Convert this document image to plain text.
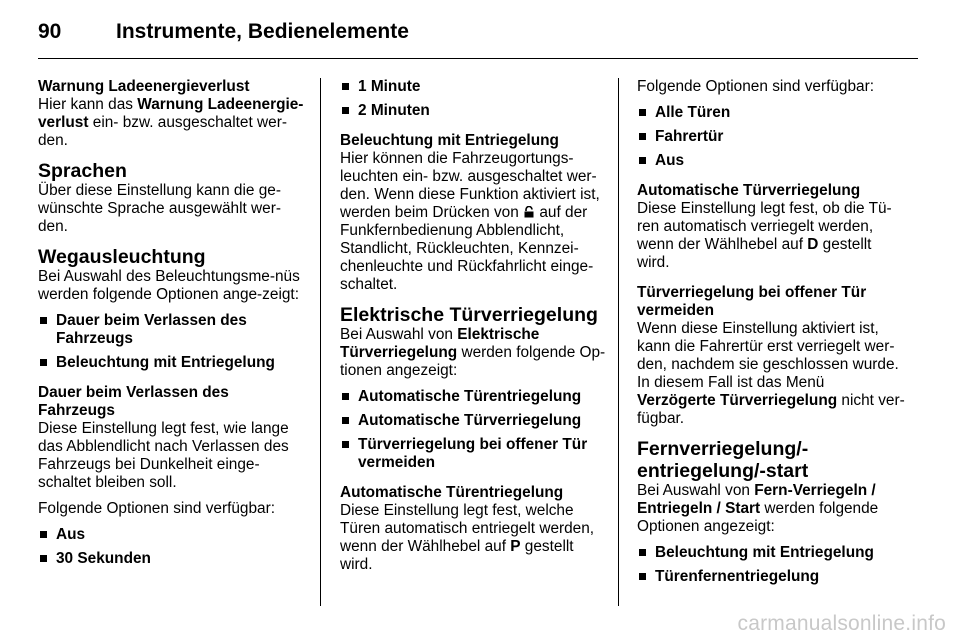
90	Instrumente, Bedienelemente

Warnung Ladeenergieverlust

Hier kann das Warnung Ladeenergie-verlust ein- bzw. ausgeschaltet wer-den.

Sprachen

Über diese Einstellung kann die ge-wünschte Sprache ausgewählt wer-den.

Wegausleuchtung

Bei Auswahl des Beleuchtungsme-nüs werden folgende Optionen ange-zeigt:

Dauer beim Verlassen des Fahrzeugs
Beleuchtung mit Entriegelung

Dauer beim Verlassen des Fahrzeugs

Diese Einstellung legt fest, wie lange das Abblendlicht nach Verlassen des Fahrzeugs bei Dunkelheit einge-schaltet bleiben soll.

Folgende Optionen sind verfügbar:

Aus
30 Sekunden
1 Minute
2 Minuten

Beleuchtung mit Entriegelung

Hier können die Fahrzeugortungs-leuchten ein- bzw. ausgeschaltet wer-den. Wenn diese Funktion aktiviert ist, werden beim Drücken von  auf der Funkfernbedienung Abblendlicht, Standlicht, Rückleuchten, Kennzei-chenleuchte und Rückfahrlicht einge-schaltet.

Elektrische Türverriegelung

Bei Auswahl von Elektrische Türverriegelung werden folgende Op-tionen angezeigt:

Automatische Türentriegelung
Automatische Türverriegelung
Türverriegelung bei offener Tür vermeiden

Automatische Türentriegelung

Diese Einstellung legt fest, welche Türen automatisch entriegelt werden, wenn der Wählhebel auf P gestellt wird.

Folgende Optionen sind verfügbar:

Alle Türen
Fahrertür
Aus

Automatische Türverriegelung

Diese Einstellung legt fest, ob die Tü-ren automatisch verriegelt werden, wenn der Wählhebel auf D gestellt wird.

Türverriegelung bei offener Tür vermeiden

Wenn diese Einstellung aktiviert ist, kann die Fahrertür erst verriegelt wer-den, nachdem sie geschlossen wurde. In diesem Fall ist das Menü Verzögerte Türverriegelung nicht ver-fügbar.

Fernverriegelung/-entriegelung/-start

Bei Auswahl von Fern-Verriegeln / Entriegeln / Start werden folgende Optionen angezeigt:

Beleuchtung mit Entriegelung
Türenfernentriegelung
carmanualsonline.info
